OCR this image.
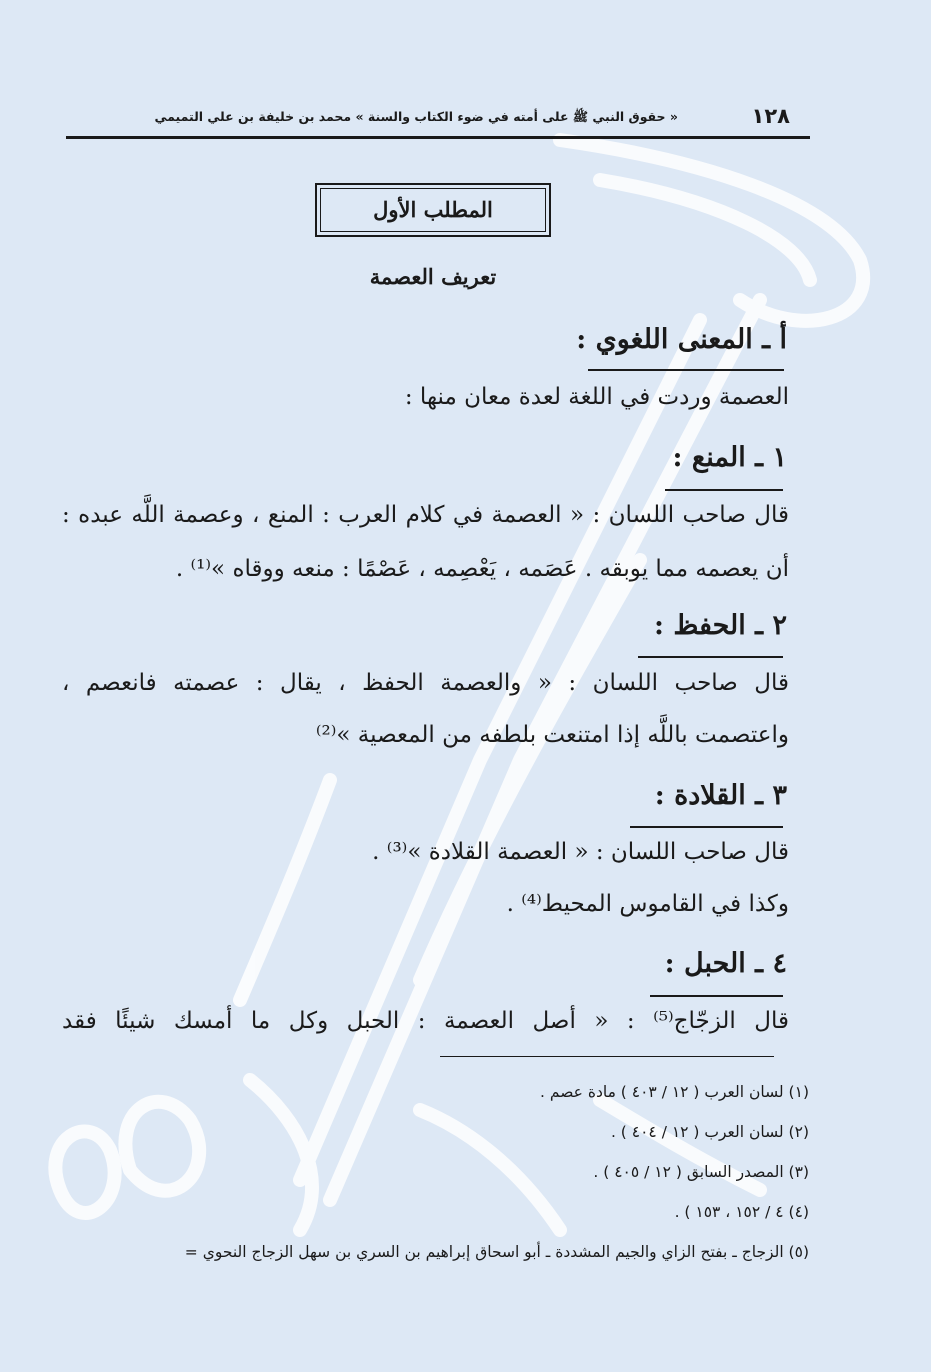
١٢٨
« حقوق النبي ﷺ على أمته في ضوء الكتاب والسنة » محمد بن خليفة بن علي التميمي
المطلب الأول
تعريف العصمة
أ ـ المعنى اللغوي :
العصمة وردت في اللغة لعدة معان منها :
١ ـ المنع :
قال صاحب اللسان : « العصمة في كلام العرب : المنع ، وعصمة اللَّه عبده :
أن يعصمه مما يوبقه . عَصَمه ، يَعْصِمه ، عَصْمًا : منعه ووقاه »⁽¹⁾ .
٢ ـ الحفظ :
قال صاحب اللسان : « والعصمة الحفظ ، يقال : عصمته فانعصم ،
واعتصمت باللَّه إذا امتنعت بلطفه من المعصية »⁽²⁾
٣ ـ القلادة :
قال صاحب اللسان : « العصمة القلادة »⁽³⁾ .
وكذا في القاموس المحيط⁽⁴⁾ .
٤ ـ الحبل :
قال الزجّاج⁽⁵⁾ : « أصل العصمة : الحبل وكل ما أمسك شيئًا فقد
(١) لسان العرب ( ١٢ / ٤٠٣ ) مادة عصم .
(٢) لسان العرب ( ١٢ / ٤٠٤ ) .
(٣) المصدر السابق ( ١٢ / ٤٠٥ ) .
(٤) ٤ / ١٥٢ ، ١٥٣ ) .
(٥) الزجاج ـ بفتح الزاي والجيم المشددة ـ أبو اسحاق إبراهيم بن السري بن سهل الزجاج النحوي =
